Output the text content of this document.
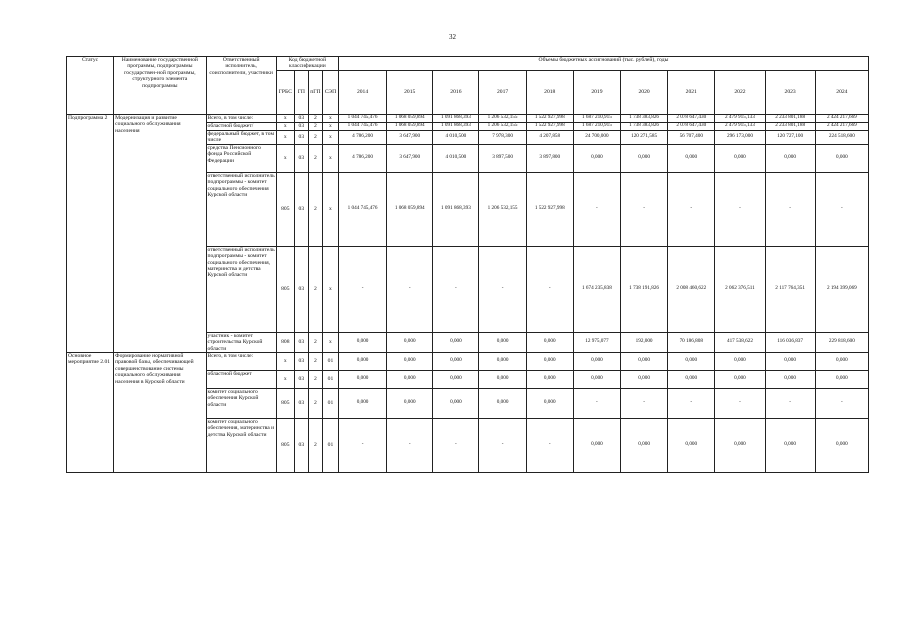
32
Статус	Наименование государственной программы, подпрограммы государствен-ной программы, структурного элемента подпрограммы	Ответственный исполнитель, соисполнители, участники	Код бюджетной классификации				Объемы бюджетных ассигнований (тыс. рублей), годы										
			ГРБС	ГП	пГП	СЭП	2014	2015	2016	2017	2018	2019	2020	2021	2022	2023	2024
Подпрограмма 2	Модернизация и развитие социального обслуживания населения	Всего, в том числе:	х	03	2	х	1 044 745,476	1 068 059,894	1 091 868,393	1 206 532,155	1 522 927,998	1 687 210,915	1 738 383,826	2 078 647,430	2 479 915,133	2 233 801,188	2 424 217,669
		областной бюджет/	х	03	2	х	1 044 745,476	1 068 059,894	1 091 868,393	1 206 532,155	1 522 927,998	1 687 210,915	1 738 383,826	2 078 647,430	2 479 915,133	2 233 801,188	2 424 217,669
		федеральный бюджет, в том числе	х	03	2	х	4 786,200	3 647,900	4 010,500	7 978,300	4 207,858	24 700,000	120 271,585	56 707,400	296 173,000	120 727,100	224 518,600
		средства Пенсионного фонда Российской Федерации	х	03	2	х	4 786,200	3 647,900	4 010,500	3 897,500	3 897,800	0,000	0,000	0,000	0,000	0,000	0,000
		ответственный исполнитель подпрограммы - комитет социального обеспечения Курской области	805	03	2	х	1 044 745,476	1 068 059,894	1 091 868,393	1 206 532,155	1 522 927,998	-	-	-	-	-	-
		ответственный исполнитель подпрограммы - комитет социального обеспечения, материнства и детства Курской области	805	03	2	х	-	-	-	-	-	1 674 235,838	1 738 191,826	2 008 460,622	2 062 376,511	2 117 764,351	2 194 399,069
		участник - комитет строительства Курской области	808	03	2	х	0,000	0,000	0,000	0,000	0,000	12 975,077	192,000	70 186,808	417 538,622	116 036,837	229 818,600
Основное мероприятие 2.01	Формирование нормативной правовой базы, обеспечивающей совершенствование системы социального обслуживания населения в Курской области	Всего, в том числе:	х	03	2	01	0,000	0,000	0,000	0,000	0,000	0,000	0,000	0,000	0,000	0,000	0,000
		областной бюджет	х	03	2	01	0,000	0,000	0,000	0,000	0,000	0,000	0,000	0,000	0,000	0,000	0,000
		комитет социального обеспечения Курской области	805	03	2	01	0,000	0,000	0,000	0,000	0,000	-	-	-	-	-	-
		комитет социального обеспечения, материнства и детства Курской области	805	03	2	01	-	-	-	-	-	0,000	0,000	0,000	0,000	0,000	0,000
